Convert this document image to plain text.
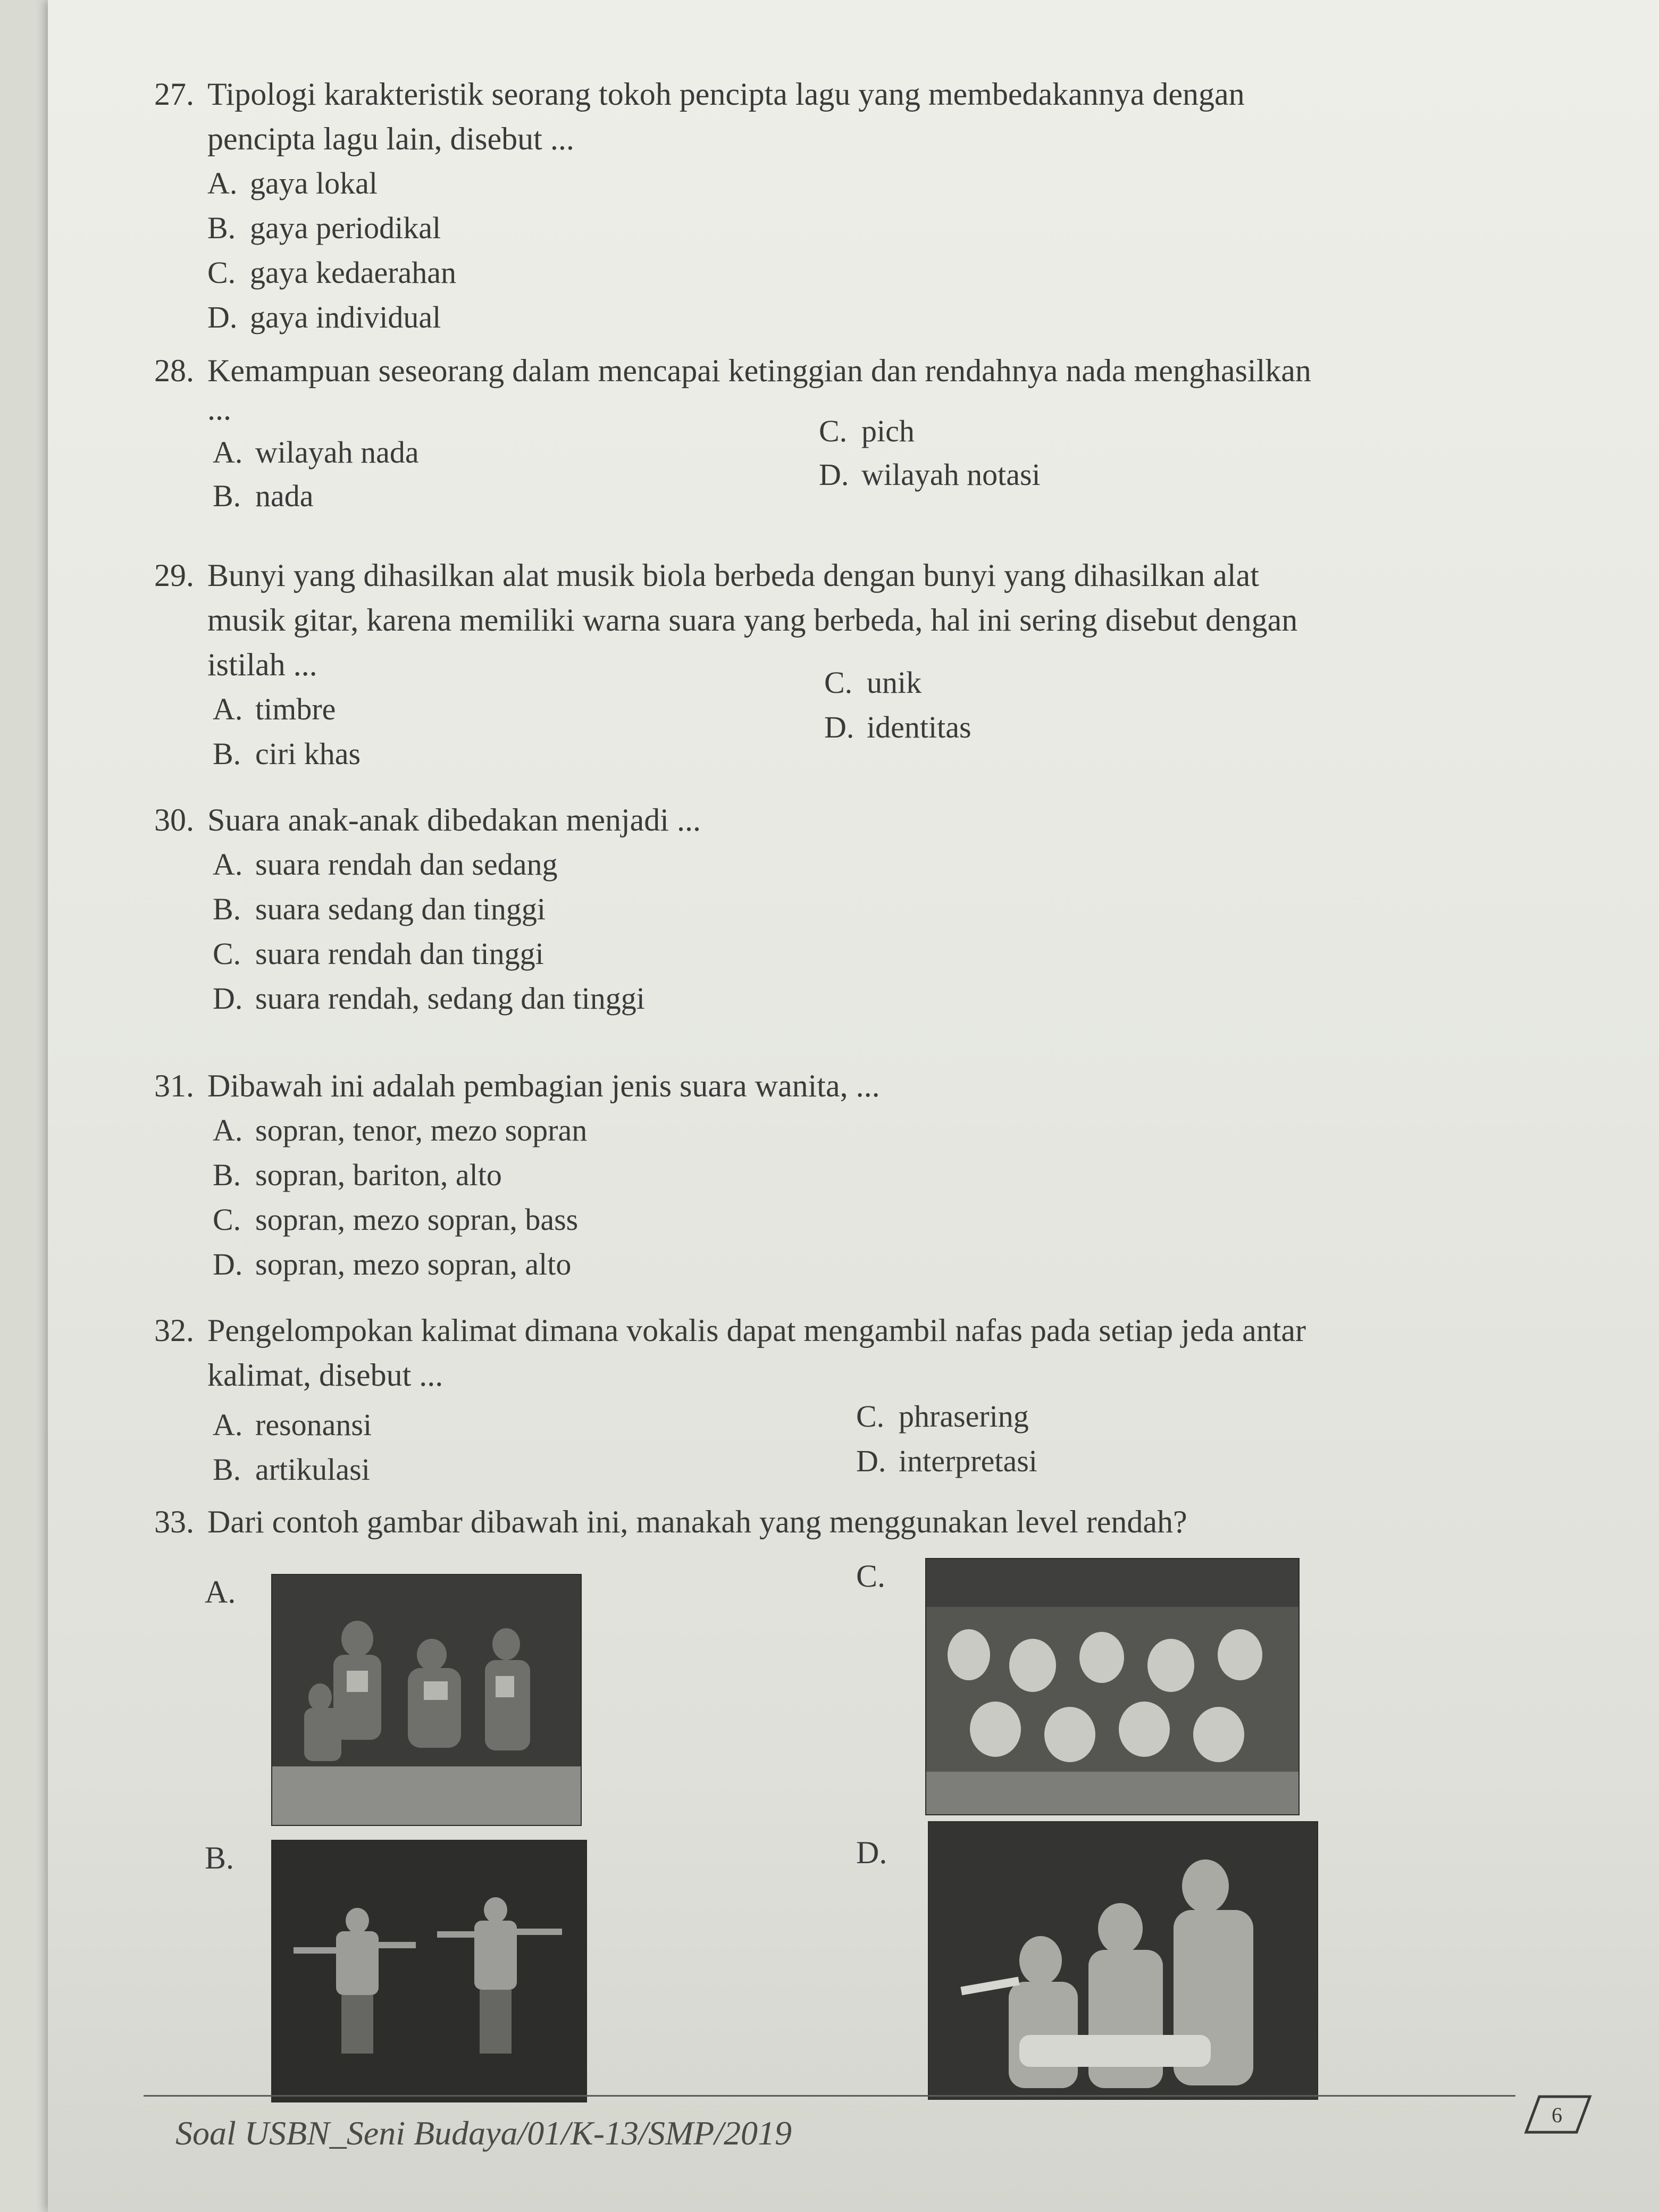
27. Tipologi karakteristik seorang tokoh pencipta lagu yang membedakannya dengan
pencipta lagu lain, disebut ...
A. gaya lokal
B. gaya periodikal
C. gaya kedaerahan
D. gaya individual
28. Kemampuan seseorang dalam mencapai ketinggian dan rendahnya nada menghasilkan
...
A. wilayah nada
B. nada
C. pich
D. wilayah notasi
29. Bunyi yang dihasilkan alat musik biola berbeda dengan bunyi yang dihasilkan alat
musik gitar, karena memiliki warna suara yang berbeda, hal ini sering disebut dengan
istilah ...
A. timbre
B. ciri khas
C. unik
D. identitas
30. Suara anak-anak dibedakan menjadi ...
A. suara rendah dan sedang
B. suara sedang dan tinggi
C. suara rendah dan tinggi
D. suara rendah, sedang dan tinggi
31. Dibawah ini adalah pembagian jenis suara wanita, ...
A. sopran, tenor, mezo sopran
B. sopran, bariton, alto
C. sopran, mezo sopran, bass
D. sopran, mezo sopran, alto
32. Pengelompokan kalimat dimana vokalis dapat mengambil nafas pada setiap jeda antar
kalimat, disebut ...
A. resonansi
B. artikulasi
C. phrasering
D. interpretasi
33. Dari contoh gambar dibawah ini, manakah yang menggunakan level rendah?
A.
B.
C.
D.
Soal USBN_Seni Budaya/01/K-13/SMP/2019	6
